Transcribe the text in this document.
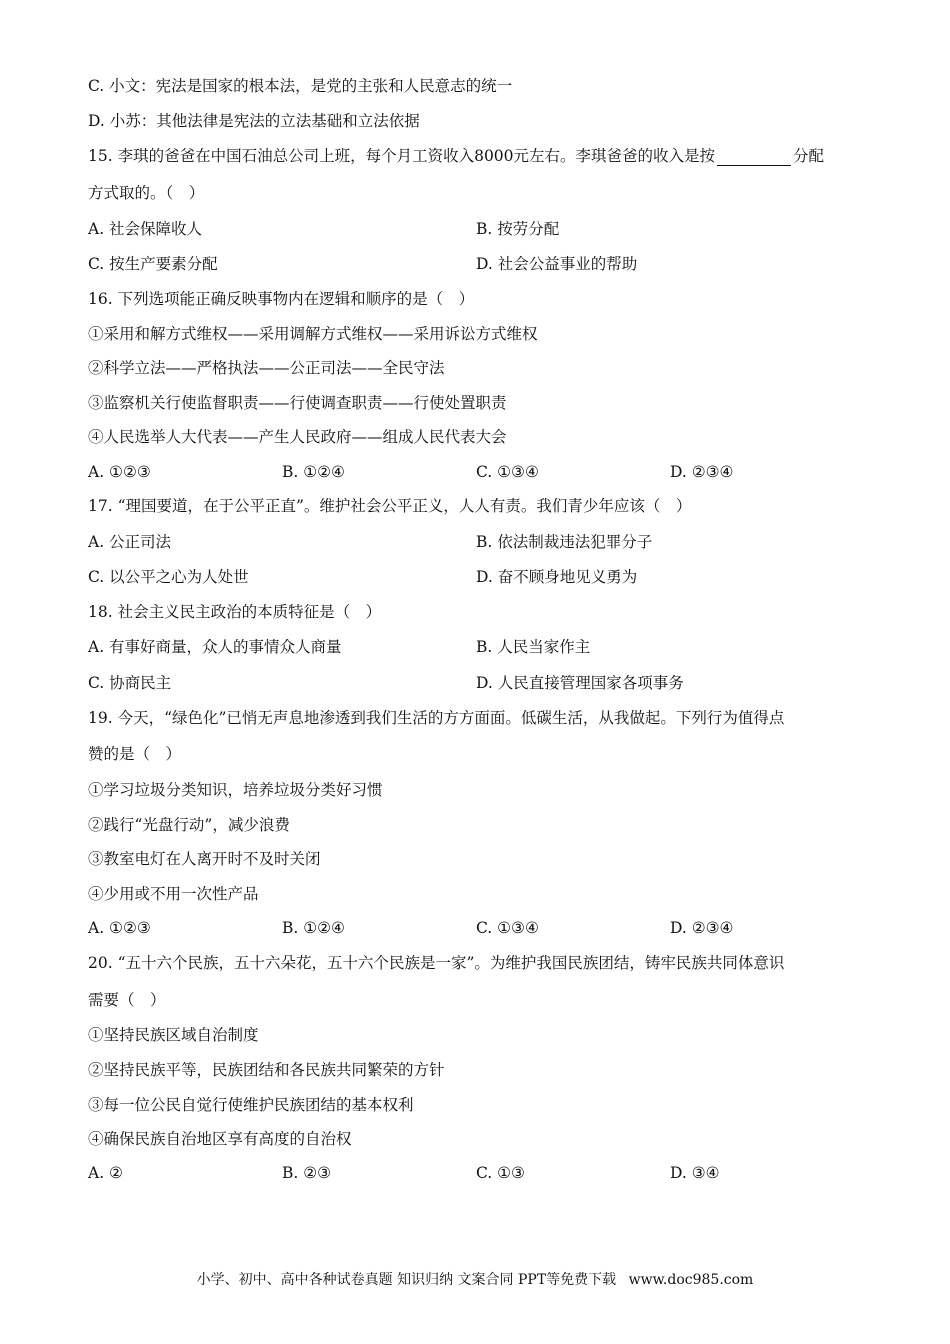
C. 小文：宪法是国家的根本法，是党的主张和人民意志的统一
D. 小苏：其他法律是宪法的立法基础和立法依据
15. 李琪的爸爸在中国石油总公司上班，每个月工资收入8000元左右。李琪爸爸的收入是按	分配
方式取的。（　）
A. 社会保障收人	B. 按劳分配
C. 按生产要素分配	D. 社会公益事业的帮助
16. 下列选项能正确反映事物内在逻辑和顺序的是（　）
①采用和解方式维权——采用调解方式维权——采用诉讼方式维权
②科学立法——严格执法——公正司法——全民守法
③监察机关行使监督职责——行使调查职责——行使处置职责
④人民选举人大代表——产生人民政府——组成人民代表大会
A. ①②③	B. ①②④	C. ①③④	D. ②③④
17. “理国要道，在于公平正直”。维护社会公平正义，人人有责。我们青少年应该（　）
A. 公正司法	B. 依法制裁违法犯罪分子
C. 以公平之心为人处世	D. 奋不顾身地见义勇为
18. 社会主义民主政治的本质特征是（　）
A. 有事好商量，众人的事情众人商量	B. 人民当家作主
C. 协商民主	D. 人民直接管理国家各项事务
19. 今天，“绿色化”已悄无声息地渗透到我们生活的方方面面。低碳生活，从我做起。下列行为值得点
赞的是（　）
①学习垃圾分类知识，培养垃圾分类好习惯
②践行“光盘行动”，减少浪费
③教室电灯在人离开时不及时关闭
④少用或不用一次性产品
A. ①②③	B. ①②④	C. ①③④	D. ②③④
20. “五十六个民族，五十六朵花，五十六个民族是一家”。为维护我国民族团结，铸牢民族共同体意识
需要（　）
①坚持民族区域自治制度
②坚持民族平等，民族团结和各民族共同繁荣的方针
③每一位公民自觉行使维护民族团结的基本权利
④确保民族自治地区享有高度的自治权
A. ②	B. ②③	C. ①③	D. ③④
小学、初中、高中各种试卷真题 知识归纳 文案合同 PPT等免费下载 www.doc985.com
